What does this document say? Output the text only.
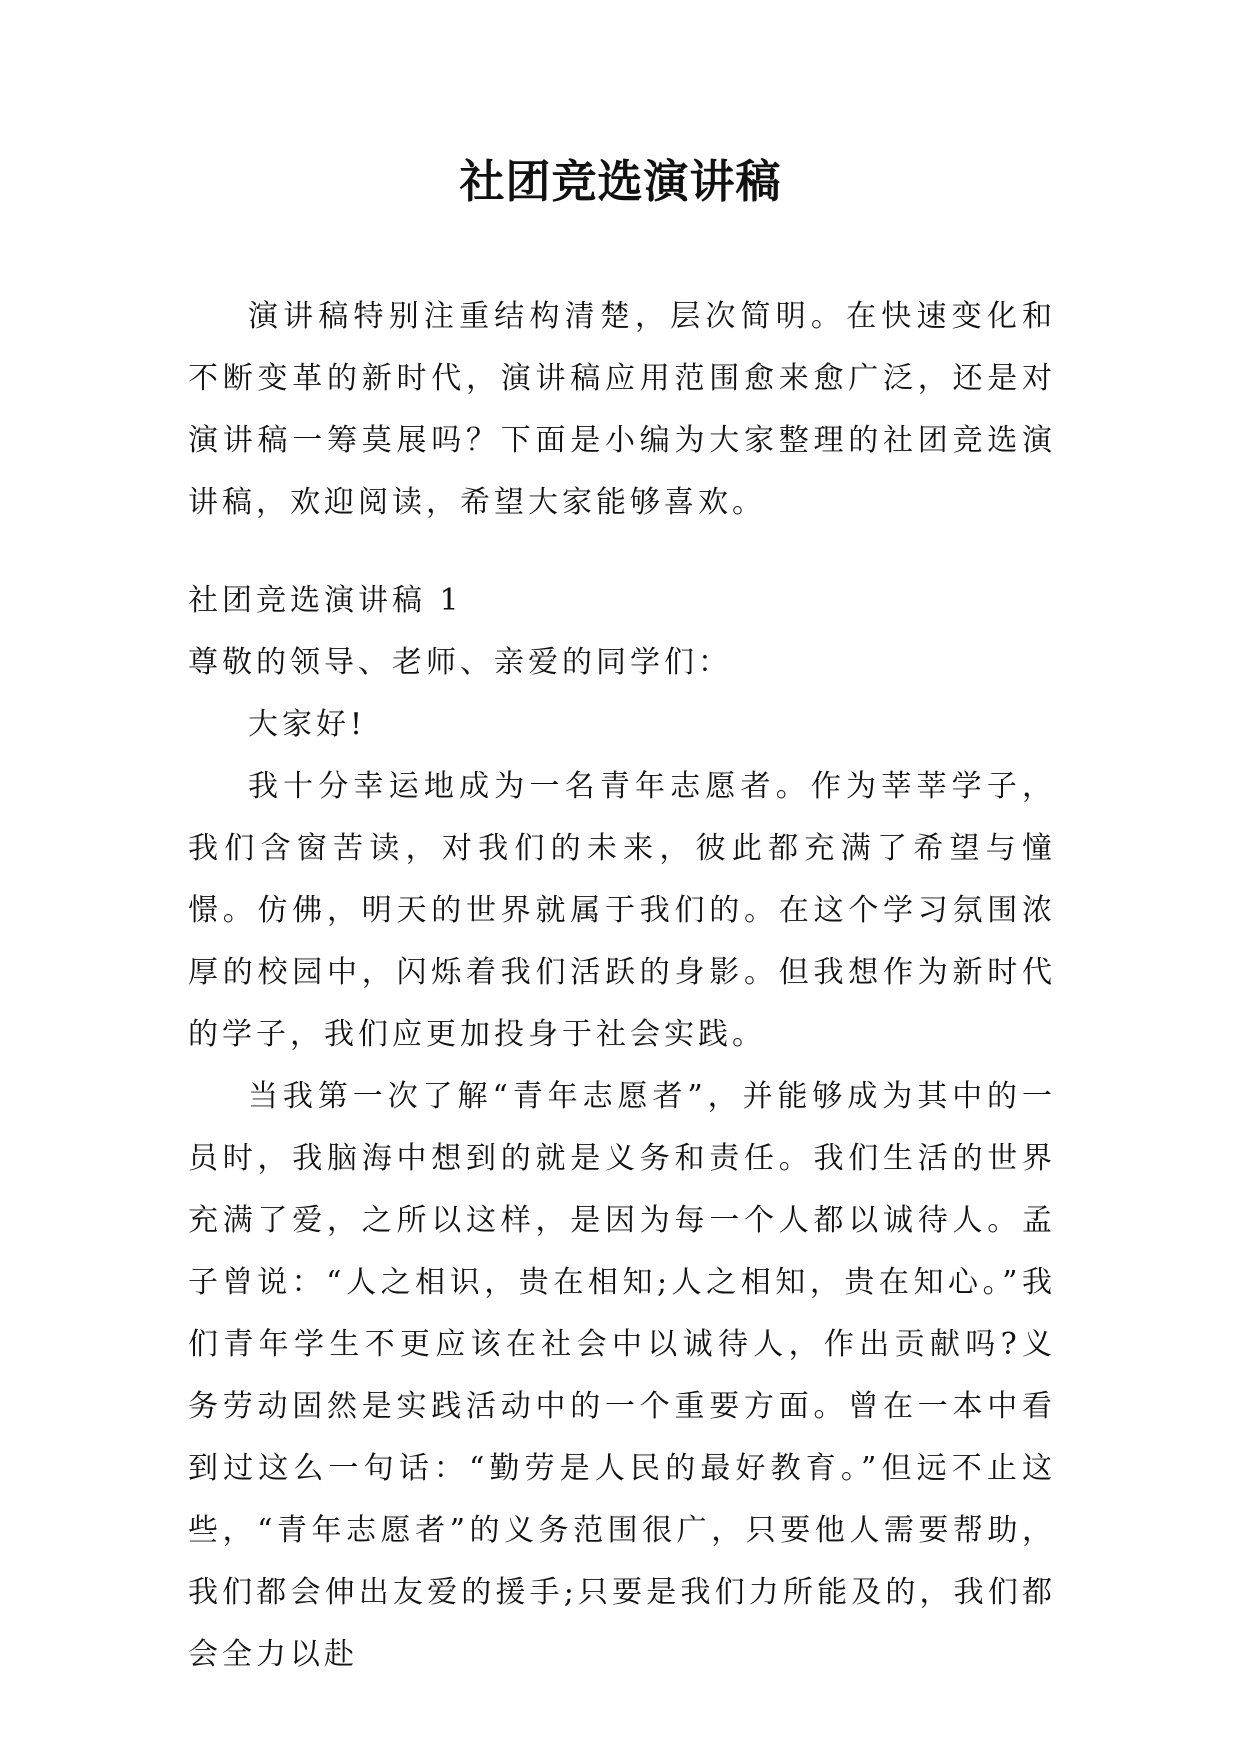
社团竞选演讲稿

演讲稿特别注重结构清楚，层次简明。在快速变化和不断变革的新时代，演讲稿应用范围愈来愈广泛，还是对演讲稿一筹莫展吗？下面是小编为大家整理的社团竞选演讲稿，欢迎阅读，希望大家能够喜欢。

社团竞选演讲稿 1

尊敬的领导、老师、亲爱的同学们：

大家好!

我十分幸运地成为一名青年志愿者。作为莘莘学子，我们含窗苦读，对我们的未来，彼此都充满了希望与憧憬。仿佛，明天的世界就属于我们的。在这个学习氛围浓厚的校园中，闪烁着我们活跃的身影。但我想作为新时代的学子，我们应更加投身于社会实践。

当我第一次了解“青年志愿者”，并能够成为其中的一员时，我脑海中想到的就是义务和责任。我们生活的世界充满了爱，之所以这样，是因为每一个人都以诚待人。孟子曾说：“人之相识，贵在相知;人之相知，贵在知心。”我们青年学生不更应该在社会中以诚待人，作出贡献吗?义务劳动固然是实践活动中的一个重要方面。曾在一本中看到过这么一句话：“勤劳是人民的最好教育。”但远不止这些，“青年志愿者”的义务范围很广，只要他人需要帮助，我们都会伸出友爱的援手;只要是我们力所能及的，我们都会全力以赴
